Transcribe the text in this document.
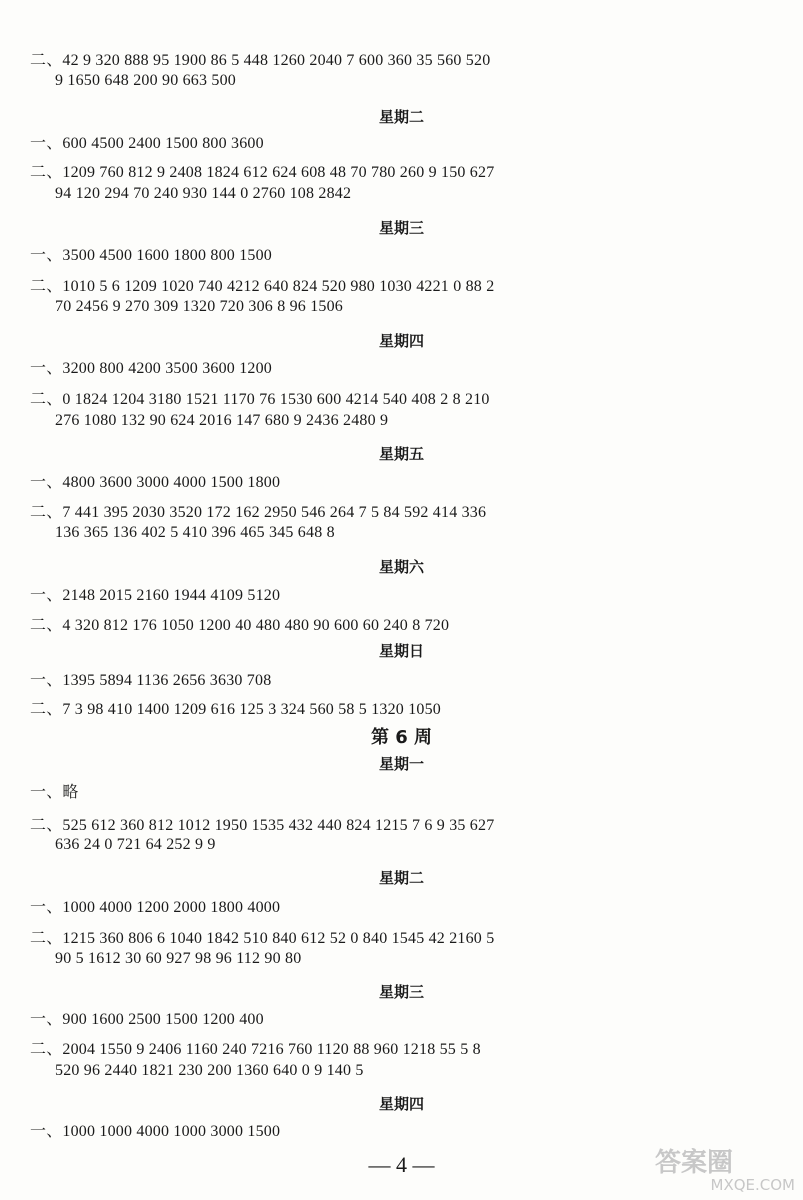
二、42 9 320 888 95 1900 86 5 448 1260 2040 7 600 360 35 560 520
9 1650 648 200 90 663 500
星期二
一、600 4500 2400 1500 800 3600
二、1209 760 812 9 2408 1824 612 624 608 48 70 780 260 9 150 627
94 120 294 70 240 930 144 0 2760 108 2842
星期三
一、3500 4500 1600 1800 800 1500
二、1010 5 6 1209 1020 740 4212 640 824 520 980 1030 4221 0 88 2
70 2456 9 270 309 1320 720 306 8 96 1506
星期四
一、3200 800 4200 3500 3600 1200
二、0 1824 1204 3180 1521 1170 76 1530 600 4214 540 408 2 8 210
276 1080 132 90 624 2016 147 680 9 2436 2480 9
星期五
一、4800 3600 3000 4000 1500 1800
二、7 441 395 2030 3520 172 162 2950 546 264 7 5 84 592 414 336
136 365 136 402 5 410 396 465 345 648 8
星期六
一、2148 2015 2160 1944 4109 5120
二、4 320 812 176 1050 1200 40 480 480 90 600 60 240 8 720
星期日
一、1395 5894 1136 2656 3630 708
二、7 3 98 410 1400 1209 616 125 3 324 560 58 5 1320 1050
第 6 周
星期一
一、略
二、525 612 360 812 1012 1950 1535 432 440 824 1215 7 6 9 35 627
636 24 0 721 64 252 9 9
星期二
一、1000 4000 1200 2000 1800 4000
二、1215 360 806 6 1040 1842 510 840 612 52 0 840 1545 42 2160 5
90 5 1612 30 60 927 98 96 112 90 80
星期三
一、900 1600 2500 1500 1200 400
二、2004 1550 9 2406 1160 240 7216 760 1120 88 960 1218 55 5 8
520 96 2440 1821 230 200 1360 640 0 9 140 5
星期四
一、1000 1000 4000 1000 3000 1500
— 4 —	答案圈
MXQE.COM
